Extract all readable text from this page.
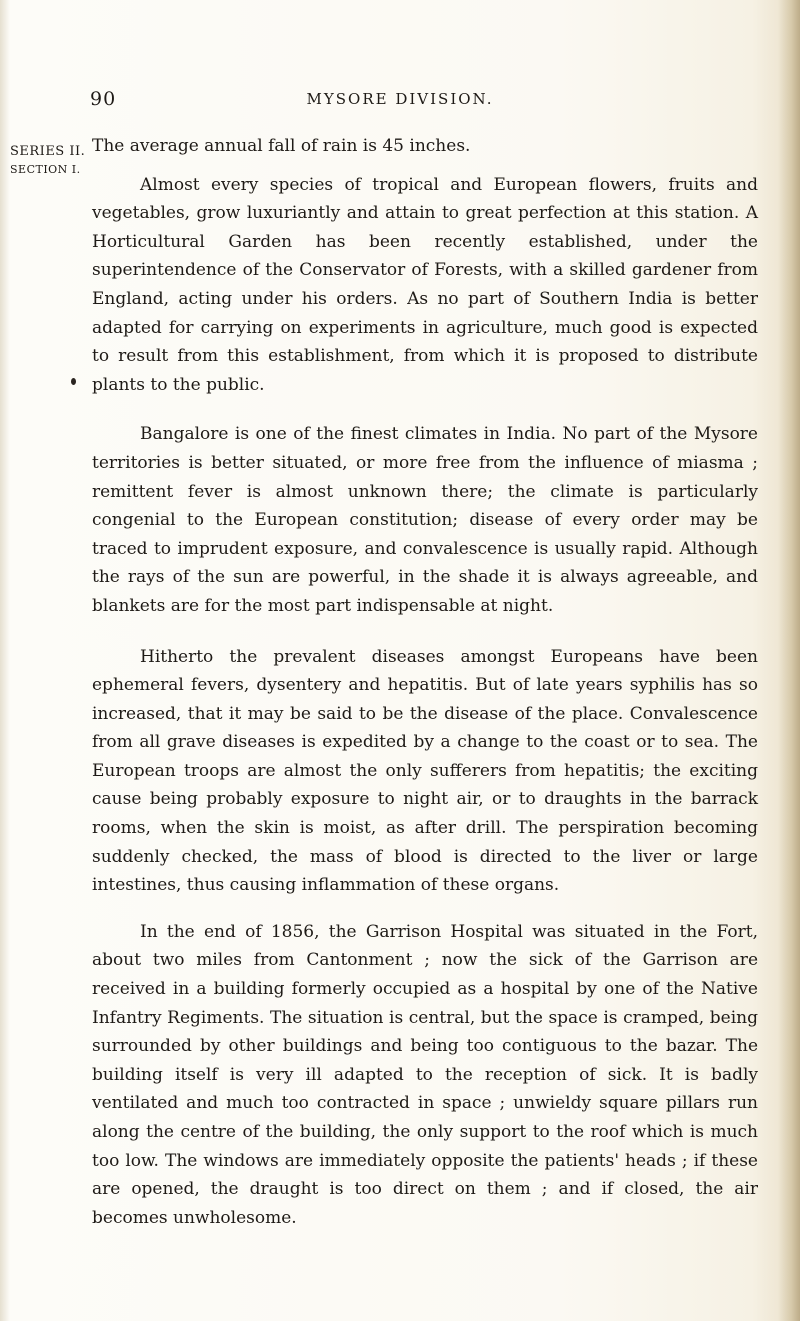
90	MYSORE DIVISION.
SERIES II.
SECTION I.

The average annual fall of rain is 45 inches.

Almost every species of tropical and European flowers, fruits and vegetables, grow luxuriantly and attain to great perfection at this station. A Horticultural Garden has been recently established, under the superintendence of the Conservator of Forests, with a skilled gardener from England, acting under his orders. As no part of Southern India is better adapted for carrying on experiments in agriculture, much good is expected to result from this establishment, from which it is proposed to distribute plants to the public.

Bangalore is one of the finest climates in India. No part of the Mysore territories is better situated, or more free from the influence of miasma ; remittent fever is almost unknown there; the climate is particularly congenial to the European constitution; disease of every order may be traced to imprudent exposure, and convalescence is usually rapid. Although the rays of the sun are powerful, in the shade it is always agreeable, and blankets are for the most part indispensable at night.

Hitherto the prevalent diseases amongst Europeans have been ephemeral fevers, dysentery and hepatitis. But of late years syphilis has so increased, that it may be said to be the disease of the place. Convalescence from all grave diseases is expedited by a change to the coast or to sea. The European troops are almost the only sufferers from hepatitis; the exciting cause being probably exposure to night air, or to draughts in the barrack rooms, when the skin is moist, as after drill. The perspiration becoming suddenly checked, the mass of blood is directed to the liver or large intestines, thus causing inflammation of these organs.

In the end of 1856, the Garrison Hospital was situated in the Fort, about two miles from Cantonment ; now the sick of the Garrison are received in a building formerly occupied as a hospital by one of the Native Infantry Regiments. The situation is central, but the space is cramped, being surrounded by other buildings and being too contiguous to the bazar. The building itself is very ill adapted to the reception of sick. It is badly ventilated and much too contracted in space ; unwieldy square pillars run along the centre of the building, the only support to the roof which is much too low. The windows are immediately opposite the patients' heads ; if these are opened, the draught is too direct on them ; and if closed, the air becomes unwholesome.
